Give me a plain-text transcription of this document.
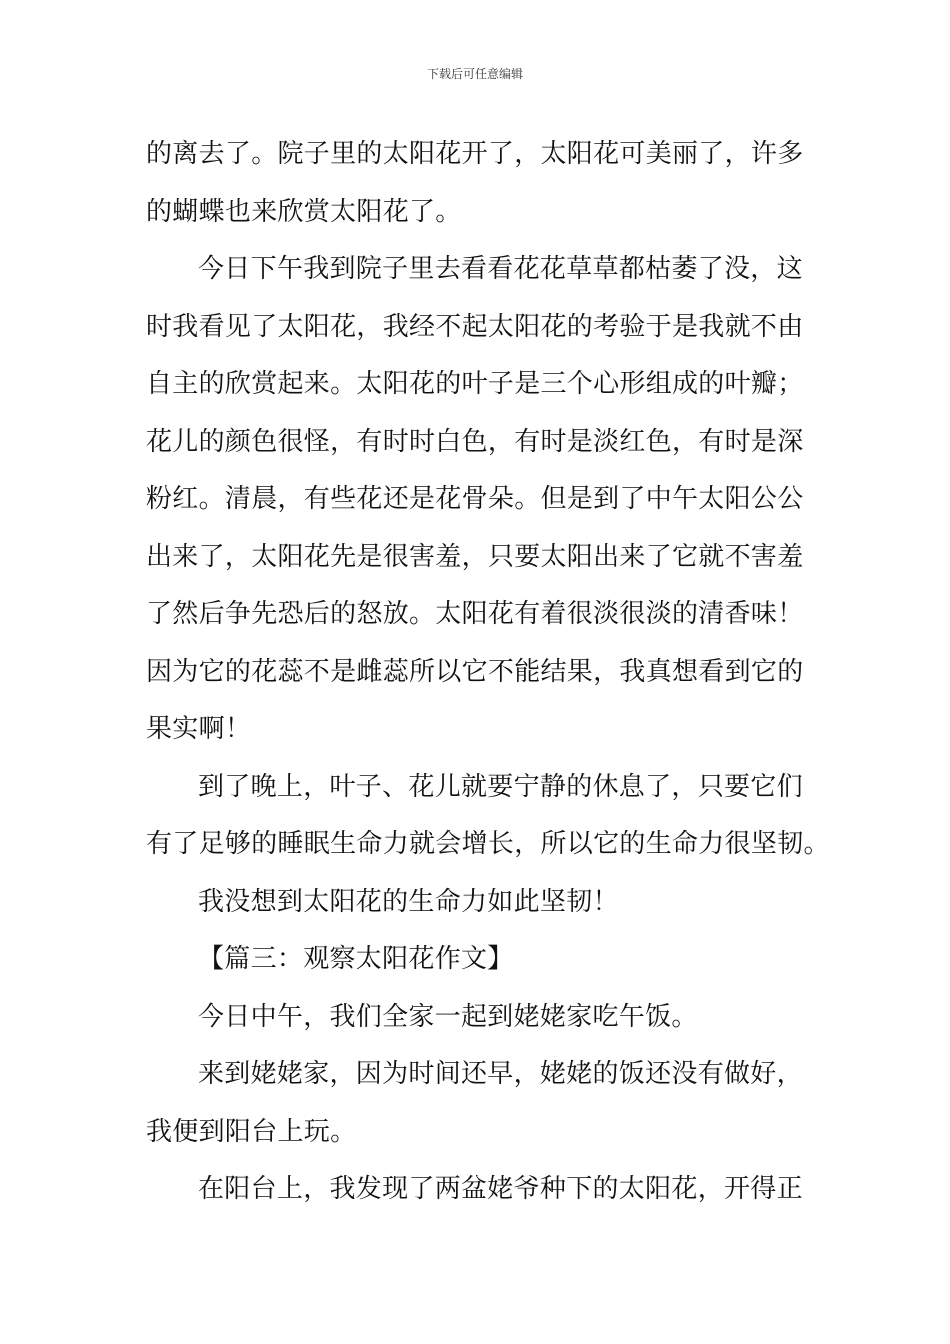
下载后可任意编辑
的离去了。院子里的太阳花开了，太阳花可美丽了，许多
的蝴蝶也来欣赏太阳花了。
今日下午我到院子里去看看花花草草都枯萎了没，这
时我看见了太阳花，我经不起太阳花的考验于是我就不由
自主的欣赏起来。太阳花的叶子是三个心形组成的叶瓣；
花儿的颜色很怪，有时时白色，有时是淡红色，有时是深
粉红。清晨，有些花还是花骨朵。但是到了中午太阳公公
出来了，太阳花先是很害羞，只要太阳出来了它就不害羞
了然后争先恐后的怒放。太阳花有着很淡很淡的清香味！
因为它的花蕊不是雌蕊所以它不能结果，我真想看到它的
果实啊！
到了晚上，叶子、花儿就要宁静的休息了，只要它们
有了足够的睡眠生命力就会增长，所以它的生命力很坚韧。
我没想到太阳花的生命力如此坚韧！
【篇三：观察太阳花作文】
今日中午，我们全家一起到姥姥家吃午饭。
来到姥姥家，因为时间还早，姥姥的饭还没有做好，
我便到阳台上玩。
在阳台上，我发现了两盆姥爷种下的太阳花，开得正
